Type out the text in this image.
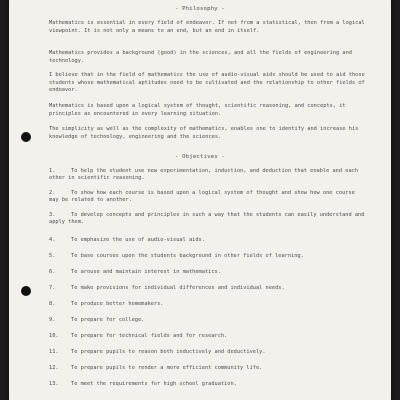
- Philosophy -

Mathematics is essential in every field of endeavor. If not from a statistical, then from a logical viewpoint. It is not only a means to an end, but an end in itself.

Mathematics provides a background (good) in the sciences, and all the fields of engineering and technology.

I believe that in the field of mathematics the use of audio-visual aids should be used to aid those students whose mathematical aptitudes need to be cultivated and the relationship to other fields of endeavor.

Mathematics is based upon a logical system of thought, scientific reasoning, and concepts, it principles as encountered in every learning situation.

The simplicity as well as the complexity of mathematics, enables one to identify and increase his knowledge of technology, engineering and the sciences.

- Objectives -
1.	To help the student use new experimentation, induction, and deduction that enable and each other in scientific reasoning.
2.	To show how each course is based upon a logical system of thought and show how one course may be related to another.
3.	To develop concepts and principles in such a way that the students can easily understand and apply them.
4.	To emphasize the use of audio-visual aids.
5.	To base courses upon the students background in other fields of learning.
6.	To arouse and maintain interest in mathematics.
7.	To make provisions for individual differences and individual needs.
8.	To produce better homemakers.
9.	To prepare for college.
10. To prepare for technical fields and for research.
11. To prepare pupils to reason both inductively and deductively.
12. To prepare pupils to render a more efficient community life.
13. To meet the requirements for high school graduation.
